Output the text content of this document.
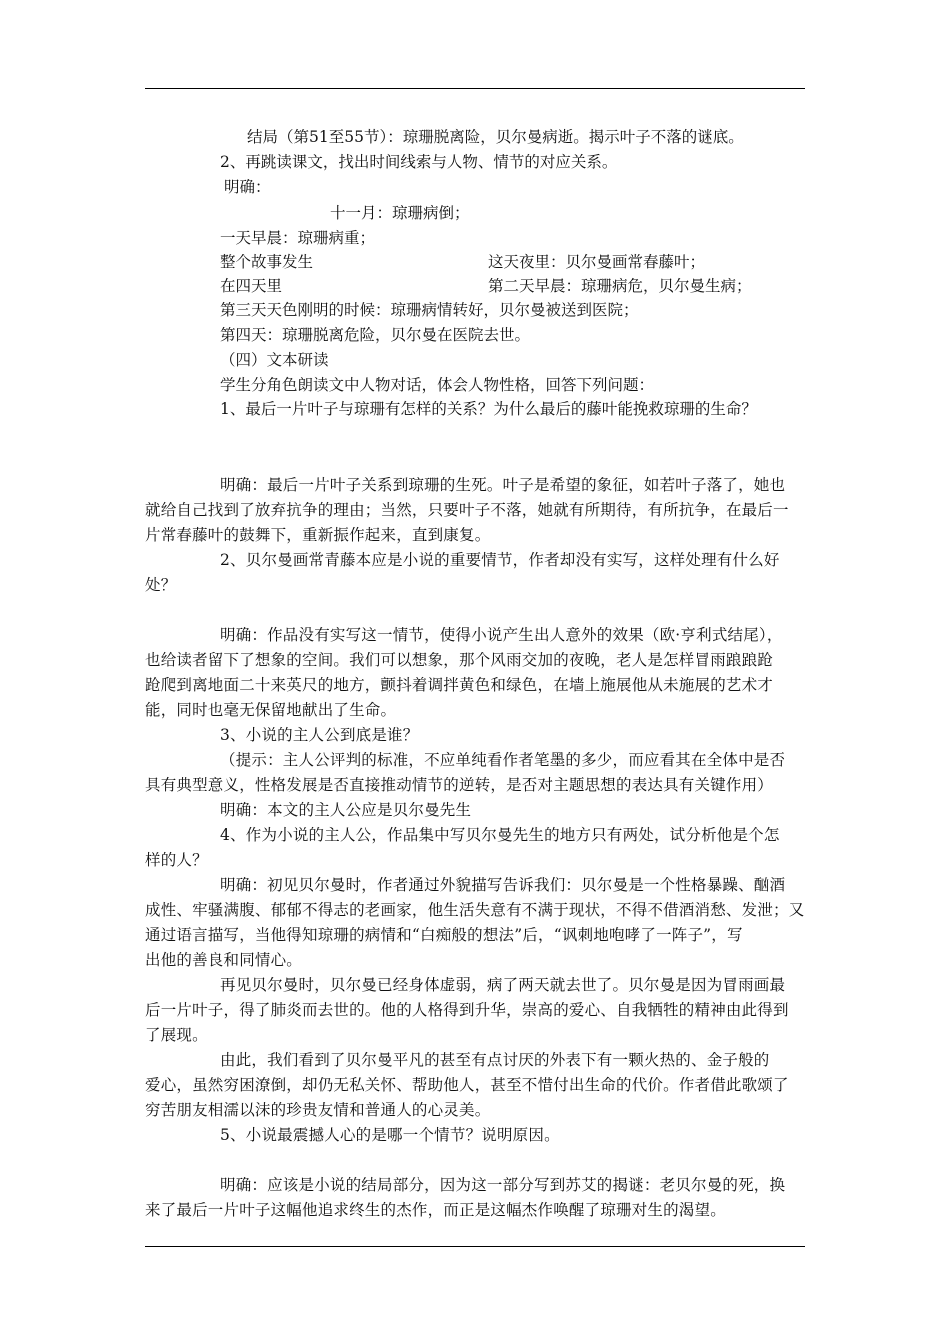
结局（第51至55节）：琼珊脱离险，贝尔曼病逝。揭示叶子不落的谜底。
2、再跳读课文，找出时间线索与人物、情节的对应关系。
明确：
十一月：琼珊病倒；
一天早晨：琼珊病重；
整个故事发生	这天夜里：贝尔曼画常春藤叶；
在四天里	第二天早晨：琼珊病危，贝尔曼生病；
第三天天色刚明的时候：琼珊病情转好，贝尔曼被送到医院；
第四天：琼珊脱离危险，贝尔曼在医院去世。
（四）文本研读
学生分角色朗读文中人物对话，体会人物性格，回答下列问题：
1、最后一片叶子与琼珊有怎样的关系？为什么最后的藤叶能挽救琼珊的生命？
明确：最后一片叶子关系到琼珊的生死。叶子是希望的象征，如若叶子落了，她也
就给自己找到了放弃抗争的理由；当然，只要叶子不落，她就有所期待，有所抗争，在最后一
片常春藤叶的鼓舞下，重新振作起来，直到康复。
2、贝尔曼画常青藤本应是小说的重要情节，作者却没有实写，这样处理有什么好
处？
明确：作品没有实写这一情节，使得小说产生出人意外的效果（欧·亨利式结尾），
也给读者留下了想象的空间。我们可以想象，那个风雨交加的夜晚，老人是怎样冒雨踉踉跄
跄爬到离地面二十来英尺的地方，颤抖着调拌黄色和绿色，在墙上施展他从未施展的艺术才
能，同时也毫无保留地献出了生命。
3、小说的主人公到底是谁？
（提示：主人公评判的标准，不应单纯看作者笔墨的多少，而应看其在全体中是否
具有典型意义，性格发展是否直接推动情节的逆转，是否对主题思想的表达具有关键作用）
明确：本文的主人公应是贝尔曼先生
4、作为小说的主人公，作品集中写贝尔曼先生的地方只有两处，试分析他是个怎
样的人？
明确：初见贝尔曼时，作者通过外貌描写告诉我们：贝尔曼是一个性格暴躁、酗酒
成性、牢骚满腹、郁郁不得志的老画家，他生活失意有不满于现状，不得不借酒消愁、发泄；又
通过语言描写，当他得知琼珊的病情和“白痴般的想法”后，“讽刺地咆哮了一阵子”，写
出他的善良和同情心。
再见贝尔曼时，贝尔曼已经身体虚弱，病了两天就去世了。贝尔曼是因为冒雨画最
后一片叶子，得了肺炎而去世的。他的人格得到升华，崇高的爱心、自我牺牲的精神由此得到
了展现。
由此，我们看到了贝尔曼平凡的甚至有点讨厌的外表下有一颗火热的、金子般的
爱心，虽然穷困潦倒，却仍无私关怀、帮助他人，甚至不惜付出生命的代价。作者借此歌颂了
穷苦朋友相濡以沫的珍贵友情和普通人的心灵美。
5、小说最震撼人心的是哪一个情节？说明原因。
明确：应该是小说的结局部分，因为这一部分写到苏艾的揭谜：老贝尔曼的死，换
来了最后一片叶子这幅他追求终生的杰作，而正是这幅杰作唤醒了琼珊对生的渴望。
